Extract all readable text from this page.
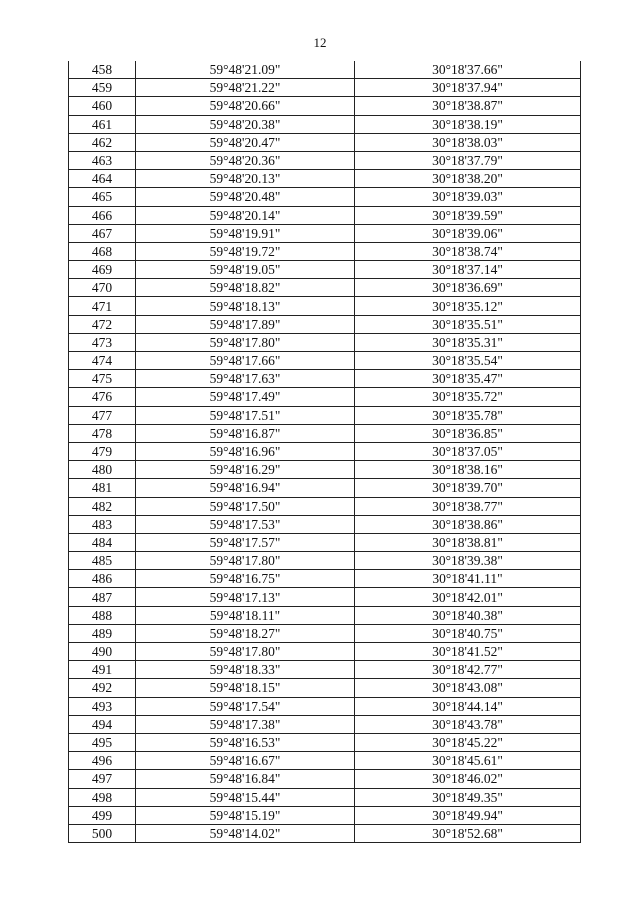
12
458	59°48'21.09"	30°18'37.66"
459	59°48'21.22"	30°18'37.94"
460	59°48'20.66"	30°18'38.87"
461	59°48'20.38"	30°18'38.19"
462	59°48'20.47"	30°18'38.03"
463	59°48'20.36"	30°18'37.79"
464	59°48'20.13"	30°18'38.20"
465	59°48'20.48"	30°18'39.03"
466	59°48'20.14"	30°18'39.59"
467	59°48'19.91"	30°18'39.06"
468	59°48'19.72"	30°18'38.74"
469	59°48'19.05"	30°18'37.14"
470	59°48'18.82"	30°18'36.69"
471	59°48'18.13"	30°18'35.12"
472	59°48'17.89"	30°18'35.51"
473	59°48'17.80"	30°18'35.31"
474	59°48'17.66"	30°18'35.54"
475	59°48'17.63"	30°18'35.47"
476	59°48'17.49"	30°18'35.72"
477	59°48'17.51"	30°18'35.78"
478	59°48'16.87"	30°18'36.85"
479	59°48'16.96"	30°18'37.05"
480	59°48'16.29"	30°18'38.16"
481	59°48'16.94"	30°18'39.70"
482	59°48'17.50"	30°18'38.77"
483	59°48'17.53"	30°18'38.86"
484	59°48'17.57"	30°18'38.81"
485	59°48'17.80"	30°18'39.38"
486	59°48'16.75"	30°18'41.11"
487	59°48'17.13"	30°18'42.01"
488	59°48'18.11"	30°18'40.38"
489	59°48'18.27"	30°18'40.75"
490	59°48'17.80"	30°18'41.52"
491	59°48'18.33"	30°18'42.77"
492	59°48'18.15"	30°18'43.08"
493	59°48'17.54"	30°18'44.14"
494	59°48'17.38"	30°18'43.78"
495	59°48'16.53"	30°18'45.22"
496	59°48'16.67"	30°18'45.61"
497	59°48'16.84"	30°18'46.02"
498	59°48'15.44"	30°18'49.35"
499	59°48'15.19"	30°18'49.94"
500	59°48'14.02"	30°18'52.68"
